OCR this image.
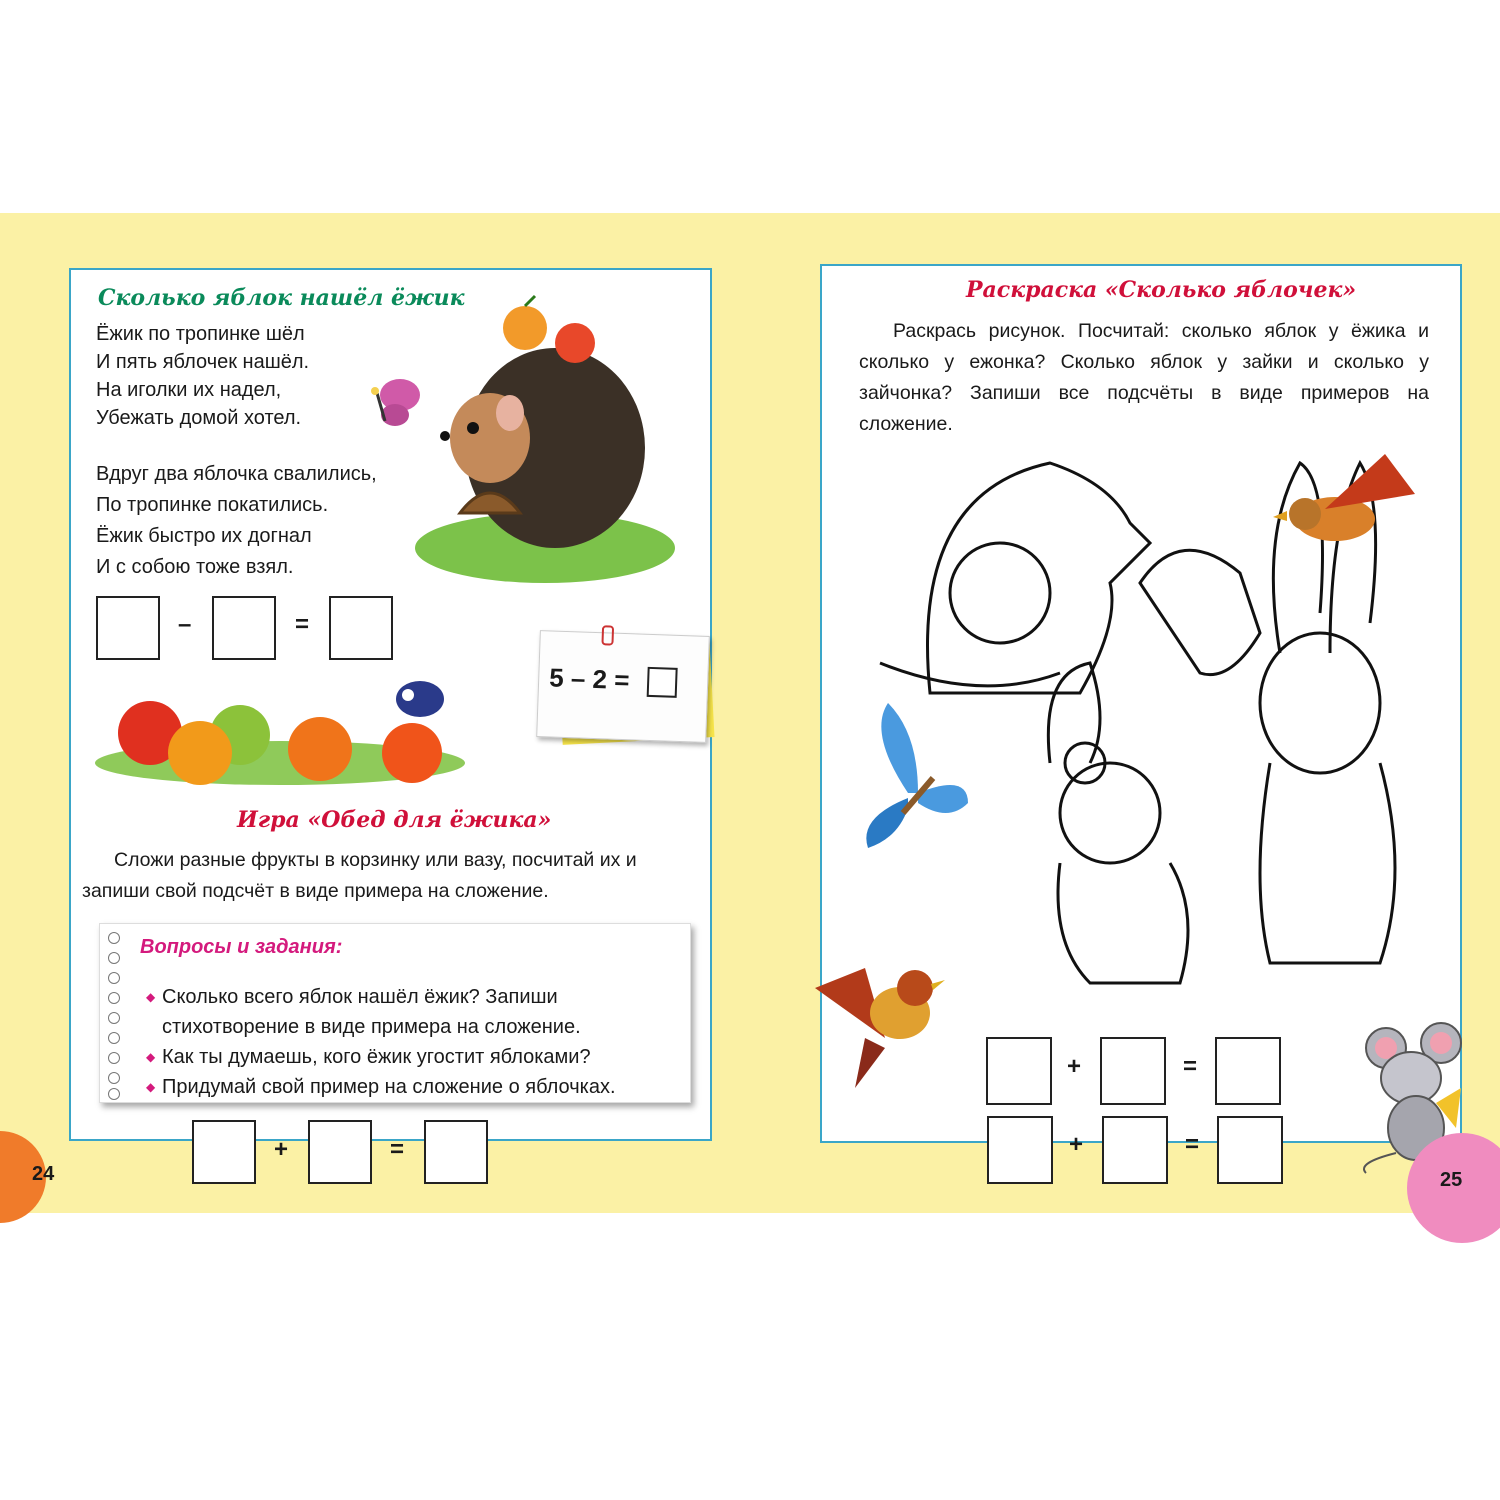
Сколько яблок нашёл ёжик
Ёжик по тропинке шёл
И пять яблочек нашёл.
На иголки их надел,
Убежать домой хотел.
Вдруг два яблочка свалились,
По тропинке покатились.
Ёжик быстро их догнал
И с собою тоже взял.
–	=
5 – 2 =
Игра «Обед для ёжика»
Сложи разные фрукты в корзинку или вазу, посчитай их и запиши свой подсчёт в виде примера на сложение.
Вопросы и задания:
◆ Сколько всего яблок нашёл ёжик? Запиши
стихотворение в виде примера на сложение.
◆ Как ты думаешь, кого ёжик угостит яблоками?
◆ Придумай свой пример на сложение о яблочках.
+	=
24
Раскраска «Сколько яблочек»
Раскрась рисунок. Посчитай: сколько яблок у ёжика и сколько у ежонка? Сколько яблок у зайки и сколько у зайчонка? Запиши все подсчёты в виде примеров на сложение.
+	=
+	=
25
